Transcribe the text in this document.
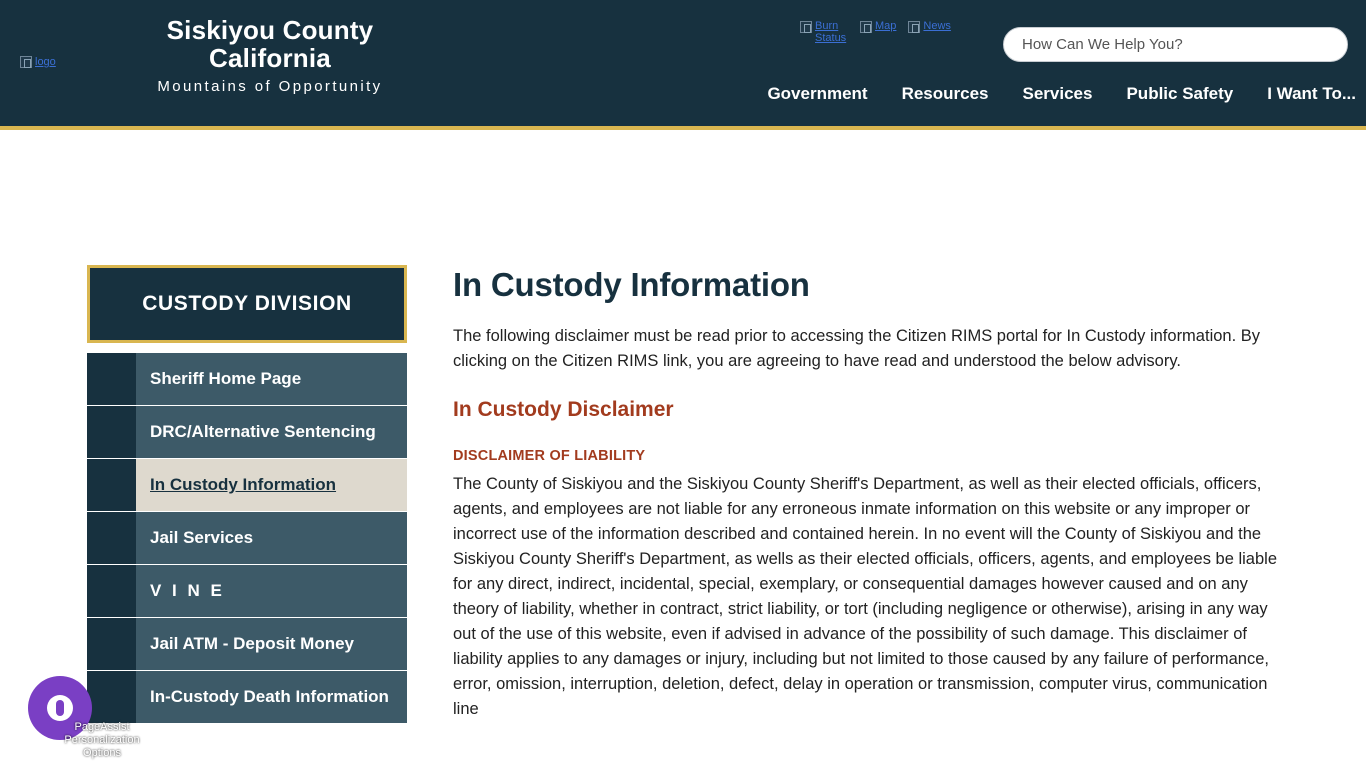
logo
Siskiyou County
California
Mountains of Opportunity
Burn Status
Map News
How Can We Help You?
Government Resources Services Public Safety I Want To...
CUSTODY DIVISION
Sheriff Home Page
DRC/Alternative Sentencing
In Custody Information
Jail Services
V I N E
Jail ATM - Deposit Money
In-Custody Death Information
In Custody Information

The following disclaimer must be read prior to accessing the Citizen RIMS portal for In Custody information. By clicking on the Citizen RIMS link, you are agreeing to have read and understood the below advisory.

In Custody Disclaimer
DISCLAIMER OF LIABILITY

The County of Siskiyou and the Siskiyou County Sheriff's Department, as well as their elected officials, officers, agents, and employees are not liable for any erroneous inmate information on this website or any improper or incorrect use of the information described and contained herein. In no event will the County of Siskiyou and the Siskiyou County Sheriff's Department, as wells as their elected officials, officers, agents, and employees be liable for any direct, indirect, incidental, special, exemplary, or consequential damages however caused and on any theory of liability, whether in contract, strict liability, or tort (including negligence or otherwise), arising in any way out of the use of this website, even if advised in advance of the possibility of such damage. This disclaimer of liability applies to any damages or injury, including but not limited to those caused by any failure of performance, error, omission, interruption, deletion, defect, delay in operation or transmission, computer virus, communication line

PageAssist
Personalization
Options
